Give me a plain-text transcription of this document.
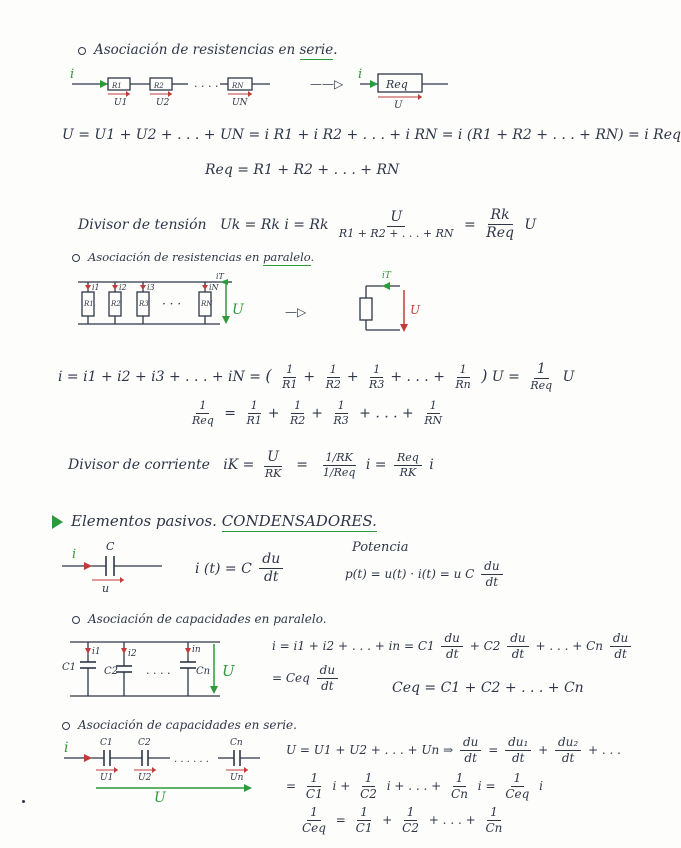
Asociación de resistencias en serie.
i
. . . .
R1	R2	RN
U1	U2	UN
——▷
i
Req
U
U = U1 + U2 + . . . + UN = i R1 + i R2 + . . . + i RN = i (R1 + R2 + . . . + RN) = i Req
Req = R1 + R2 + . . . + RN
Divisor de tensión Uk = Rk i = Rk $\frac{U}{R1 + R2 + . . . + RN} = \frac{Rk}{\text{Req}}$ U
Asociación de resistencias en paralelo.
R1 R2	R3	RN
i1 i2	i3	iN
· · ·
iT
U	—▷
iT
U
i = i1 + i2 + i3 + . . . + iN = ( $\frac{1}{R1} + \frac{1}{R2} + \frac{1}{R3}$ + . . . + $\frac{1}{Rn}$ ) $U = \frac{1}{\text{Req}}$ U
$\frac{1}{\text{Req}} = \frac{1}{R1} + \frac{1}{R2} + \frac{1}{R3}$ + . . . + $\frac{1}{RN}$
Divisor de corriente iK = $\frac{U}{RK} = \frac{1/RK}{\text{1/Req}}$ $i = \frac{\text{Req}}{RK}$ i
Elementos pasivos. CONDENSADORES.
C
i
u
i (t) = C $\frac{du}{dt}$
Potencia
p(t) = u(t) · i(t) = u C $\frac{du}{dt}$
Asociación de capacidades en paralelo.
i1	i2	in
C1	C2	Cn
. . . .	U
i = i1 + i2 + . . . + in = $C1 \frac{du}{dt} + C2 \frac{du}{dt}$ + . . . + Cn $\frac{du}{dt}$
= Ceq $\frac{du}{dt}$	Ceq = C1 + C2 + . . . + Cn
Asociación de capacidades en serie.
i
. . . . . .
C1	C2	Cn
U1	U2	Un
U
U = U1 + U2 + . . . + Un ⇒ $\frac{du}{dt} = \frac{\text{du₁}}{dt} + \frac{\text{du₂}}{dt}$ + . . .
= $\frac{1}{C1}$ $i + \frac{1}{C2}$ i + . . . + $\frac{1}{Cn}$ $i = \frac{1}{\text{Ceq}}$ i
$\frac{1}{\text{Ceq}} = \frac{1}{C1} + \frac{1}{C2}$ + . . . + $\frac{1}{Cn}$
